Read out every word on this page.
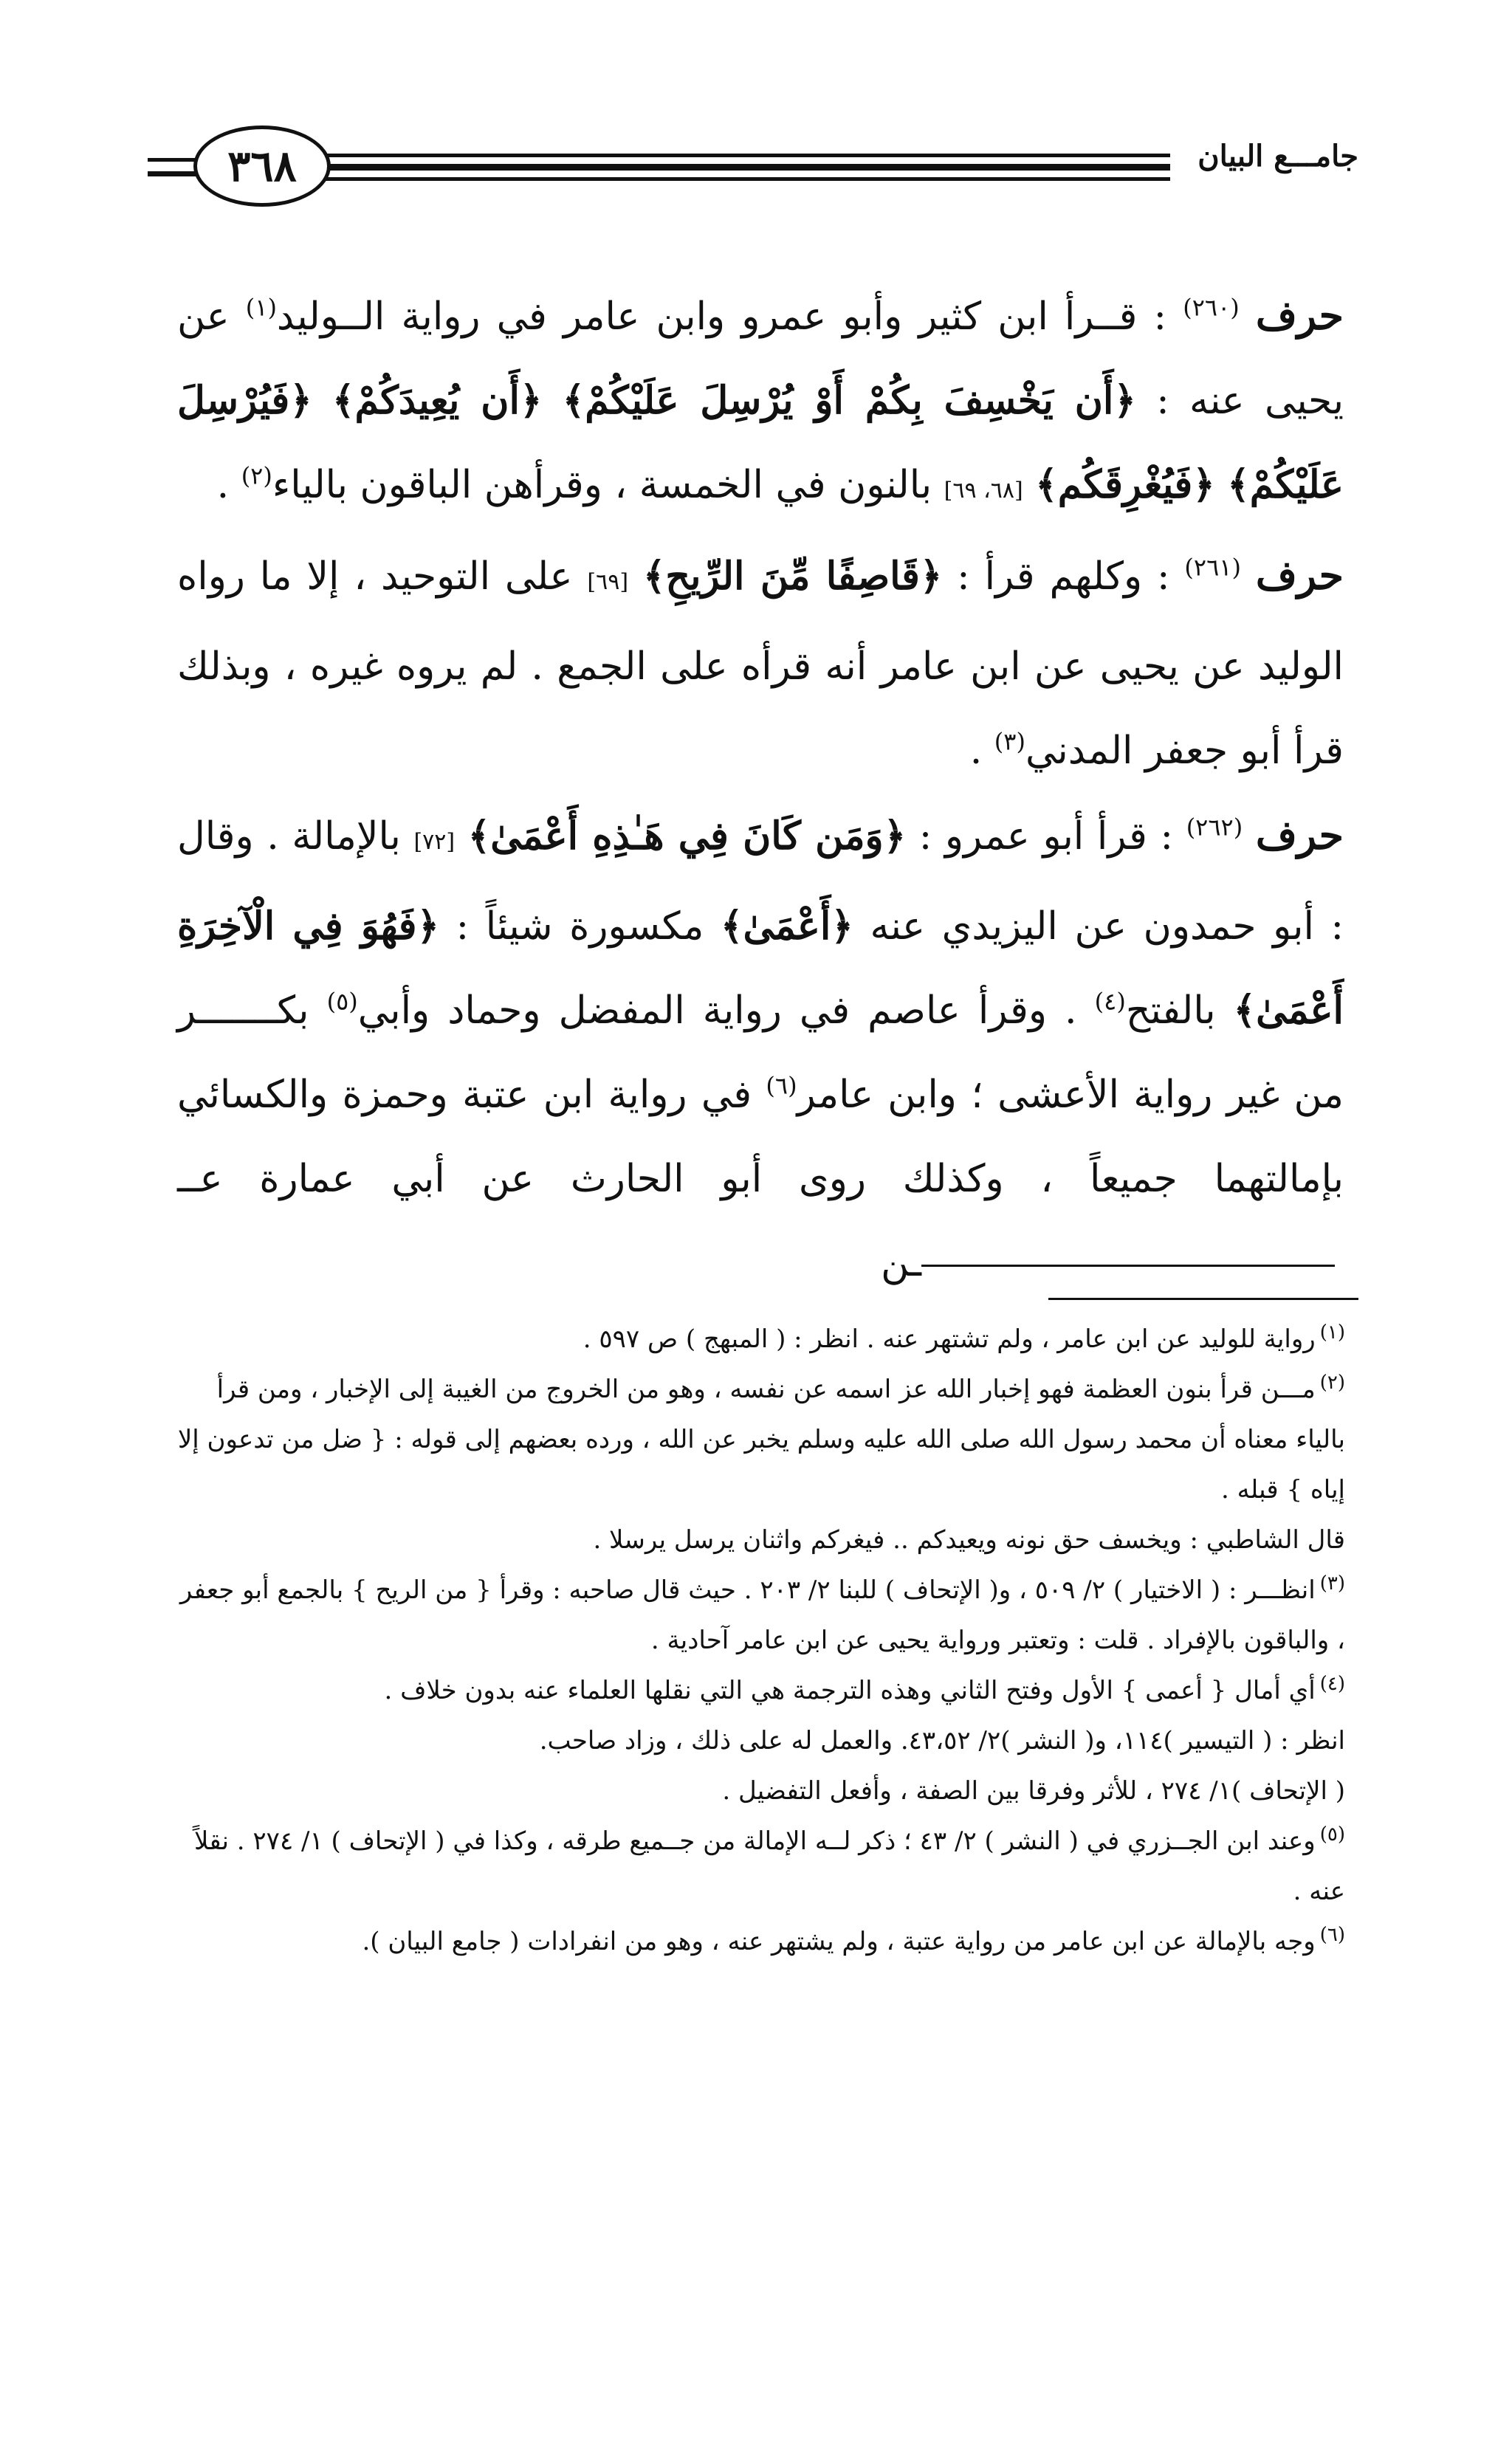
٣٦٨	جامـــع البيان

حرف $^{(٢٦٠)}$ : قــرأ ابن كثير وأبو عمرو وابن عامر في رواية الــوليد$^{(١)}$ عن يحيى عنه : ﴿أَن يَخْسِفَ بِكُمْ أَوْ يُرْسِلَ عَلَيْكُمْ﴾ ﴿أَن يُعِيدَكُمْ﴾ ﴿فَيُرْسِلَ عَلَيْكُمْ﴾ ﴿فَيُغْرِقَكُم﴾ [٦٨، ٦٩] بالنون في الخمسة ، وقرأهن الباقون بالياء$^{(٢)}$ .

حرف $^{(٢٦١)}$ : وكلهم قرأ : ﴿قَاصِفًا مِّنَ الرِّيحِ﴾ [٦٩] على التوحيد ، إلا ما رواه الوليد عن يحيى عن ابن عامر أنه قرأه على الجمع . لم يروه غيره ، وبذلك قرأ أبو جعفر المدني$^{(٣)}$ .

حرف $^{(٢٦٢)}$ : قرأ أبو عمرو : ﴿وَمَن كَانَ فِي هَـٰذِهِ أَعْمَىٰ﴾ [٧٢] بالإمالة . وقال : أبو حمدون عن اليزيدي عنه ﴿أَعْمَىٰ﴾ مكسورة شيئاً : ﴿فَهُوَ فِي الْآخِرَةِ أَعْمَىٰ﴾ بالفتح$^{(٤)}$ . وقرأ عاصم في رواية المفضل وحماد وأبي$^{(٥)}$ بكـــــــر من غير رواية الأعشى ؛ وابن عامر$^{(٦)}$ في رواية ابن عتبة وحمزة والكسائي بإمالتهما جميعاً ، وكذلك روى أبو الحارث عن أبي عمارة عـــن

$^{(١)}$رواية للوليد عن ابن عامر ، ولم تشتهر عنه . انظر : ( المبهج ) ص ٥٩٧ .

$^{(٢)}$مـــن قرأ بنون العظمة فهو إخبار الله عز اسمه عن نفسه ، وهو من الخروج من الغيبة إلى الإخبار ، ومن قرأ بالياء معناه أن محمد رسول الله صلى الله عليه وسلم يخبر عن الله ، ورده بعضهم إلى قوله : { ضل من تدعون إلا إياه } قبله .

قال الشاطبي : ويخسف حق نونه ويعيدكم .. فيغركم واثنان يرسل يرسلا .

$^{(٣)}$انظـــر : ( الاختيار ) ٢/ ٥٠٩ ، و( الإتحاف ) للبنا ٢/ ٢٠٣ . حيث قال صاحبه : وقرأ { من الريح } بالجمع أبو جعفر ، والباقون بالإفراد . قلت : وتعتبر ورواية يحيى عن ابن عامر آحادية .

$^{(٤)}$أي أمال { أعمى } الأول وفتح الثاني وهذه الترجمة هي التي نقلها العلماء عنه بدون خلاف .

انظر : ( التيسير )١١٤، و( النشر )٢/ ٤٣،٥٢. والعمل له على ذلك ، وزاد صاحب.

( الإتحاف )١/ ٢٧٤ ، للأثر وفرقا بين الصفة ، وأفعل التفضيل .

$^{(٥)}$وعند ابن الجــزري في ( النشر ) ٢/ ٤٣ ؛ ذكر لــه الإمالة من جــميع طرقه ، وكذا في ( الإتحاف ) ١/ ٢٧٤ . نقلاً عنه .

$^{(٦)}$وجه بالإمالة عن ابن عامر من رواية عتبة ، ولم يشتهر عنه ، وهو من انفرادات ( جامع البيان ).
